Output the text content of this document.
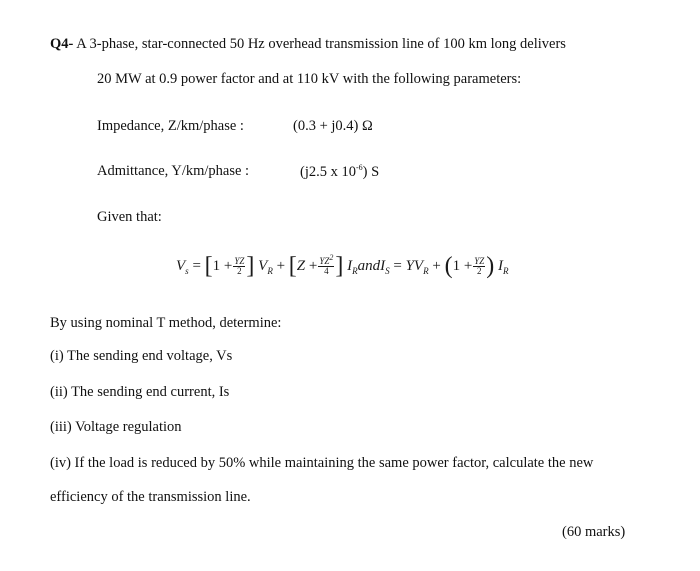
Q4- A 3-phase, star-connected 50 Hz overhead transmission line of 100 km long delivers
20 MW at 0.9 power factor and at 110 kV with the following parameters:
Impedance, Z/km/phase :	(0.3 + j0.4) Ω
Admittance, Y/km/phase :	(j2.5 x $10^{-6}$) S
Given that:
$V_s = [1 + \frac{YZ}{2}$ ] $V_R + [Z + \frac{YZ^2}{4}$ ] $I_RandI_S = YV_R + (1 + \frac{YZ}{2}$ ) $I_R$
By using nominal T method, determine:
(i) The sending end voltage, Vs
(ii) The sending end current, Is
(iii) Voltage regulation
(iv) If the load is reduced by 50% while maintaining the same power factor, calculate the new
efficiency of the transmission line.
(60 marks)
